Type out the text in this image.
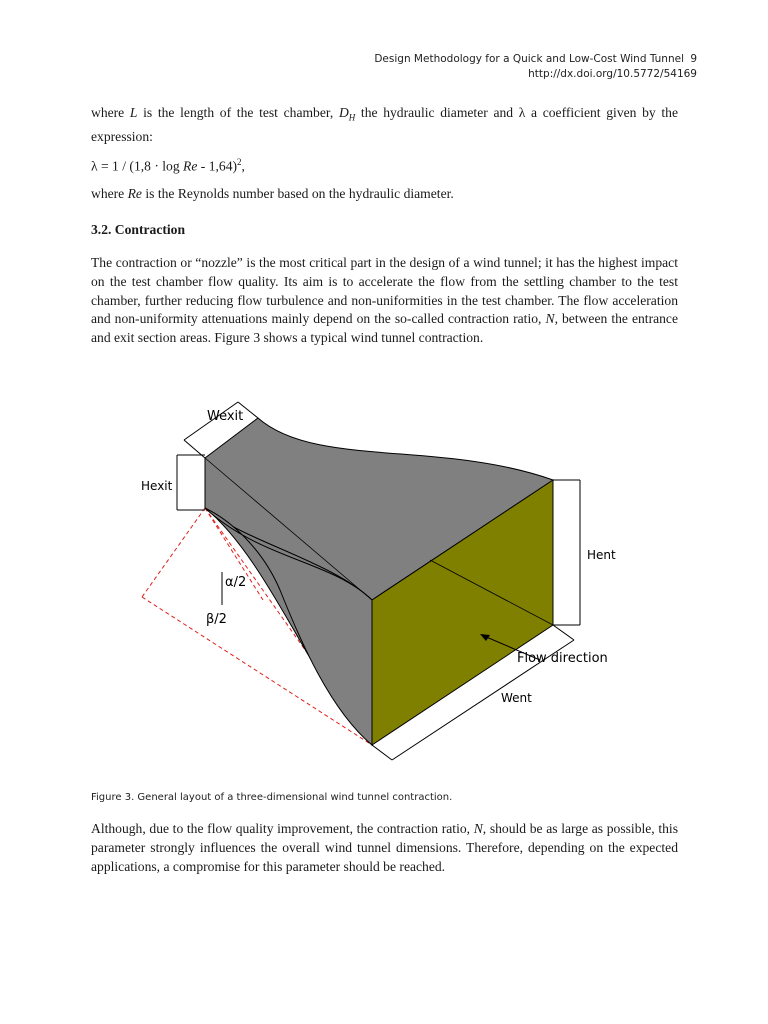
Design Methodology for a Quick and Low-Cost Wind Tunnel 9
http://dx.doi.org/10.5772/54169
where L is the length of the test chamber, $D_H$ the hydraulic diameter and λ a coefficient given by the expression:
$\lambda = 1 / (1,8 \cdot \log Re - 1,64)^2$,
where Re is the Reynolds number based on the hydraulic diameter.
3.2. Contraction
The contraction or “nozzle” is the most critical part in the design of a wind tunnel; it has the highest impact on the test chamber flow quality. Its aim is to accelerate the flow from the settling chamber to the test chamber, further reducing flow turbulence and non-uniformities in the test chamber. The flow acceleration and non-uniformity attenuations mainly depend on the so-called contraction ratio, N, between the entrance and exit section areas. Figure 3 shows a typical wind tunnel contraction.
Wexit
Hexit
Hent
Went
α/2
β/2
Flow direction
Figure 3. General layout of a three-dimensional wind tunnel contraction.
Although, due to the flow quality improvement, the contraction ratio, N, should be as large as possible, this parameter strongly influences the overall wind tunnel dimensions. Therefore, depending on the expected applications, a compromise for this parameter should be reached.
